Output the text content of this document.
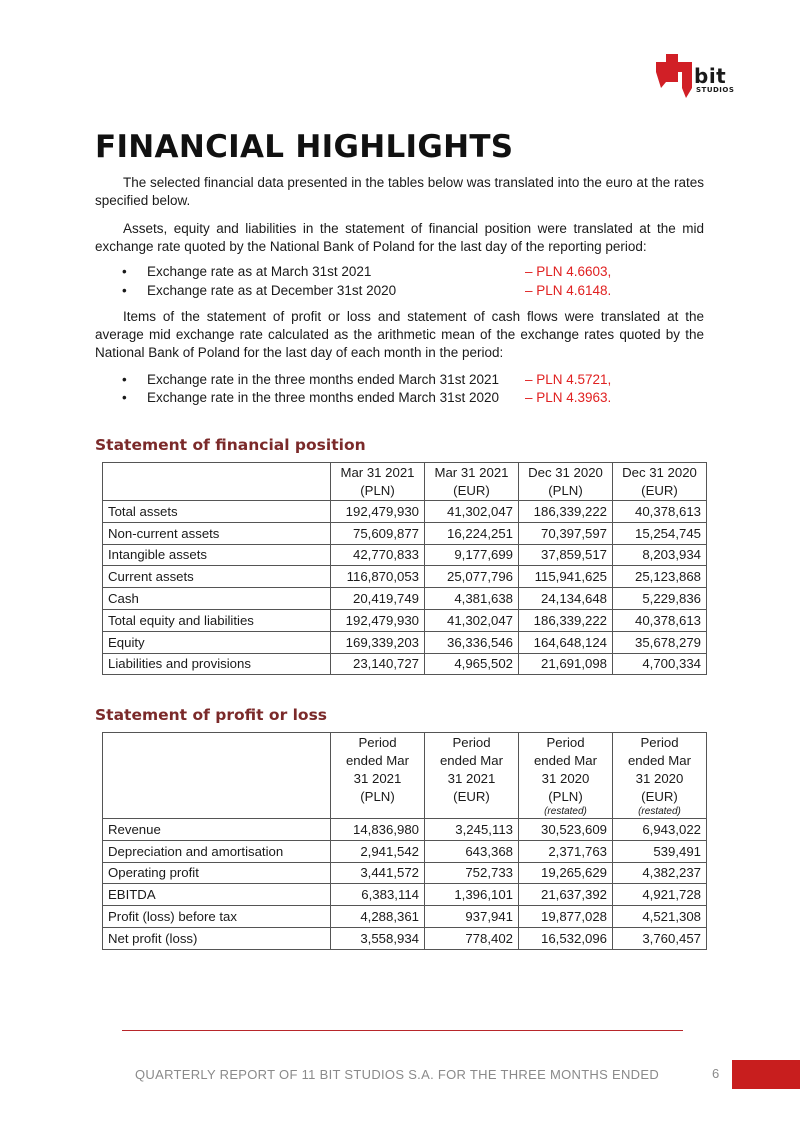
bit
STUDIOS
FINANCIAL HIGHLIGHTS

The selected financial data presented in the tables below was translated into the euro at the rates specified below.

Assets, equity and liabilities in the statement of financial position were translated at the mid exchange rate quoted by the National Bank of Poland for the last day of the reporting period:

• Exchange rate as at March 31st 2021	– PLN 4.6603,
• Exchange rate as at December 31st 2020	– PLN 4.6148.

Items of the statement of profit or loss and statement of cash flows were translated at the average mid exchange rate calculated as the arithmetic mean of the exchange rates quoted by the National Bank of Poland for the last day of each month in the period:

• Exchange rate in the three months ended March 31st 2021 – PLN 4.5721,
• Exchange rate in the three months ended March 31st 2020 – PLN 4.3963.
Statement of financial position
	Mar 31 2021
(PLN)	Mar 31 2021
(EUR)	Dec 31 2020
(PLN)	Dec 31 2020
(EUR)
Total assets	192,479,930	41,302,047	186,339,222	40,378,613
Non-current assets	75,609,877	16,224,251	70,397,597	15,254,745
Intangible assets	42,770,833	9,177,699	37,859,517	8,203,934
Current assets	116,870,053	25,077,796	115,941,625	25,123,868
Cash	20,419,749	4,381,638	24,134,648	5,229,836
Total equity and liabilities	192,479,930	41,302,047	186,339,222	40,378,613
Equity	169,339,203	36,336,546	164,648,124	35,678,279
Liabilities and provisions	23,140,727	4,965,502	21,691,098	4,700,334
Statement of profit or loss
	Period
ended Mar
31 2021
(PLN)	Period
ended Mar
31 2021
(EUR)	Period
ended Mar
31 2020
(PLN)
(restated)	Period
ended Mar
31 2020
(EUR)
(restated)

Revenue	14,836,980	3,245,113	30,523,609	6,943,022
Depreciation and amortisation	2,941,542	643,368	2,371,763	539,491
Operating profit	3,441,572	752,733	19,265,629	4,382,237
EBITDA	6,383,114	1,396,101	21,637,392	4,921,728
Profit (loss) before tax	4,288,361	937,941	19,877,028	4,521,308
Net profit (loss)	3,558,934	778,402	16,532,096	3,760,457
QUARTERLY REPORT OF 11 BIT STUDIOS S.A. FOR THE THREE MONTHS ENDED	6
